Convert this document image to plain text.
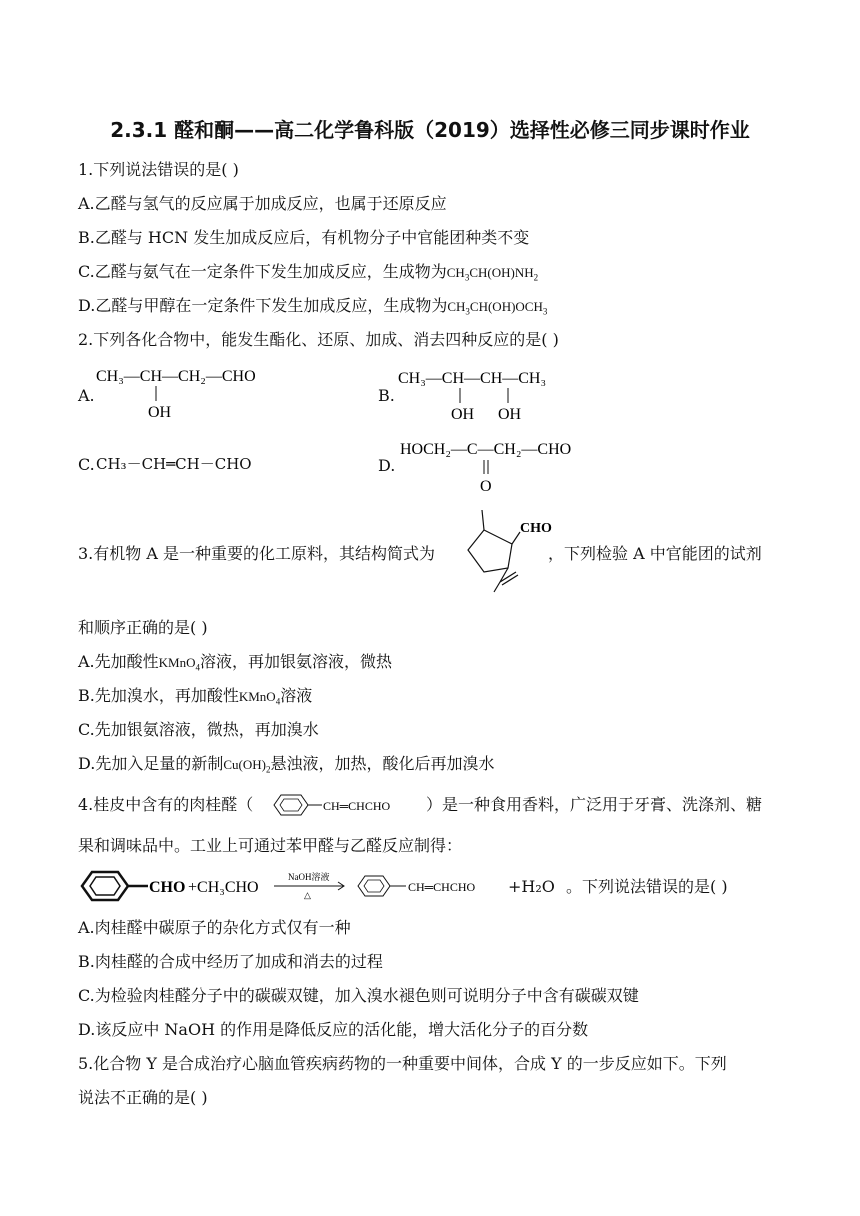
2.3.1 醛和酮——高二化学鲁科版（2019）选择性必修三同步课时作业
1.下列说法错误的是( )
A.乙醛与氢气的反应属于加成反应，也属于还原反应
B.乙醛与 HCN 发生加成反应后，有机物分子中官能团种类不变
C.乙醛与氨气在一定条件下发生加成反应，生成物为$CH_3CH(OH)NH_2$
D.乙醛与甲醇在一定条件下发生加成反应，生成物为$CH_3CH(OH)OCH_3$
2.下列各化合物中，能发生酯化、还原、加成、消去四种反应的是( )
A.
CH₃—CH—CH₂—CHO
OH
B.
CH₃—CH—CH—CH₃
OH OH
C. CH₃－CH═CH－CHO	D.
HOCH₂—C—CH₂—CHO
O
3.有机物 A 是一种重要的化工原料，其结构简式为
CHO
，下列检验 A 中官能团的试剂
和顺序正确的是( )
A.先加酸性KMnO$_4$溶液，再加银氨溶液，微热
B.先加溴水，再加酸性KMnO$_4$溶液
C.先加银氨溶液，微热，再加溴水
D.先加入足量的新制$Cu(OH)_2$悬浊液，加热，酸化后再加溴水
4.桂皮中含有的肉桂醛（	CH═CHCHO ）是一种食用香料，广泛用于牙膏、洗涤剂、糖
果和调味品中。工业上可通过苯甲醛与乙醛反应制得：
CHO +CH₃CHO
NaOH溶液
△
CH═CHCHO +H₂O 。下列说法错误的是( )
A.肉桂醛中碳原子的杂化方式仅有一种
B.肉桂醛的合成中经历了加成和消去的过程
C.为检验肉桂醛分子中的碳碳双键，加入溴水褪色则可说明分子中含有碳碳双键
D.该反应中 NaOH 的作用是降低反应的活化能，增大活化分子的百分数
5.化合物 Y 是合成治疗心脑血管疾病药物的一种重要中间体，合成 Y 的一步反应如下。下列
说法不正确的是( )
